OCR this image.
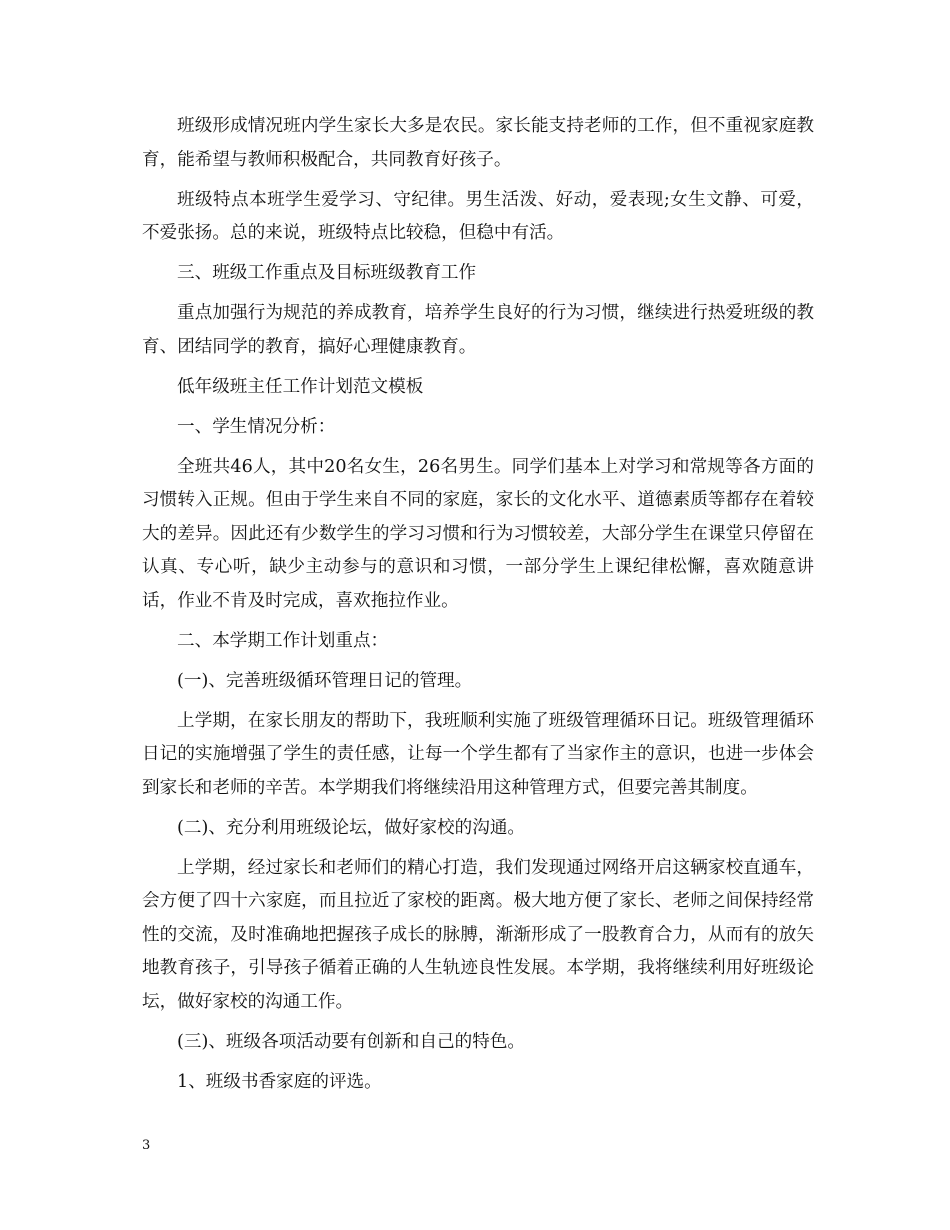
班级形成情况班内学生家长大多是农民。家长能支持老师的工作，但不重视家庭教育，能希望与教师积极配合，共同教育好孩子。

班级特点本班学生爱学习、守纪律。男生活泼、好动，爱表现;女生文静、可爱，不爱张扬。总的来说，班级特点比较稳，但稳中有活。

三、班级工作重点及目标班级教育工作

重点加强行为规范的养成教育，培养学生良好的行为习惯，继续进行热爱班级的教育、团结同学的教育，搞好心理健康教育。

低年级班主任工作计划范文模板

一、学生情况分析：

全班共46人，其中20名女生，26名男生。同学们基本上对学习和常规等各方面的习惯转入正规。但由于学生来自不同的家庭，家长的文化水平、道德素质等都存在着较大的差异。因此还有少数学生的学习习惯和行为习惯较差，大部分学生在课堂只停留在认真、专心听，缺少主动参与的意识和习惯，一部分学生上课纪律松懈，喜欢随意讲话，作业不肯及时完成，喜欢拖拉作业。

二、本学期工作计划重点：

(一)、完善班级循环管理日记的管理。

上学期，在家长朋友的帮助下，我班顺利实施了班级管理循环日记。班级管理循环日记的实施增强了学生的责任感，让每一个学生都有了当家作主的意识，也进一步体会到家长和老师的辛苦。本学期我们将继续沿用这种管理方式，但要完善其制度。

(二)、充分利用班级论坛，做好家校的沟通。

上学期，经过家长和老师们的精心打造，我们发现通过网络开启这辆家校直通车，会方便了四十六家庭，而且拉近了家校的距离。极大地方便了家长、老师之间保持经常性的交流，及时准确地把握孩子成长的脉膊，渐渐形成了一股教育合力，从而有的放矢地教育孩子，引导孩子循着正确的人生轨迹良性发展。本学期，我将继续利用好班级论坛，做好家校的沟通工作。

(三)、班级各项活动要有创新和自己的特色。

1、班级书香家庭的评选。

3
